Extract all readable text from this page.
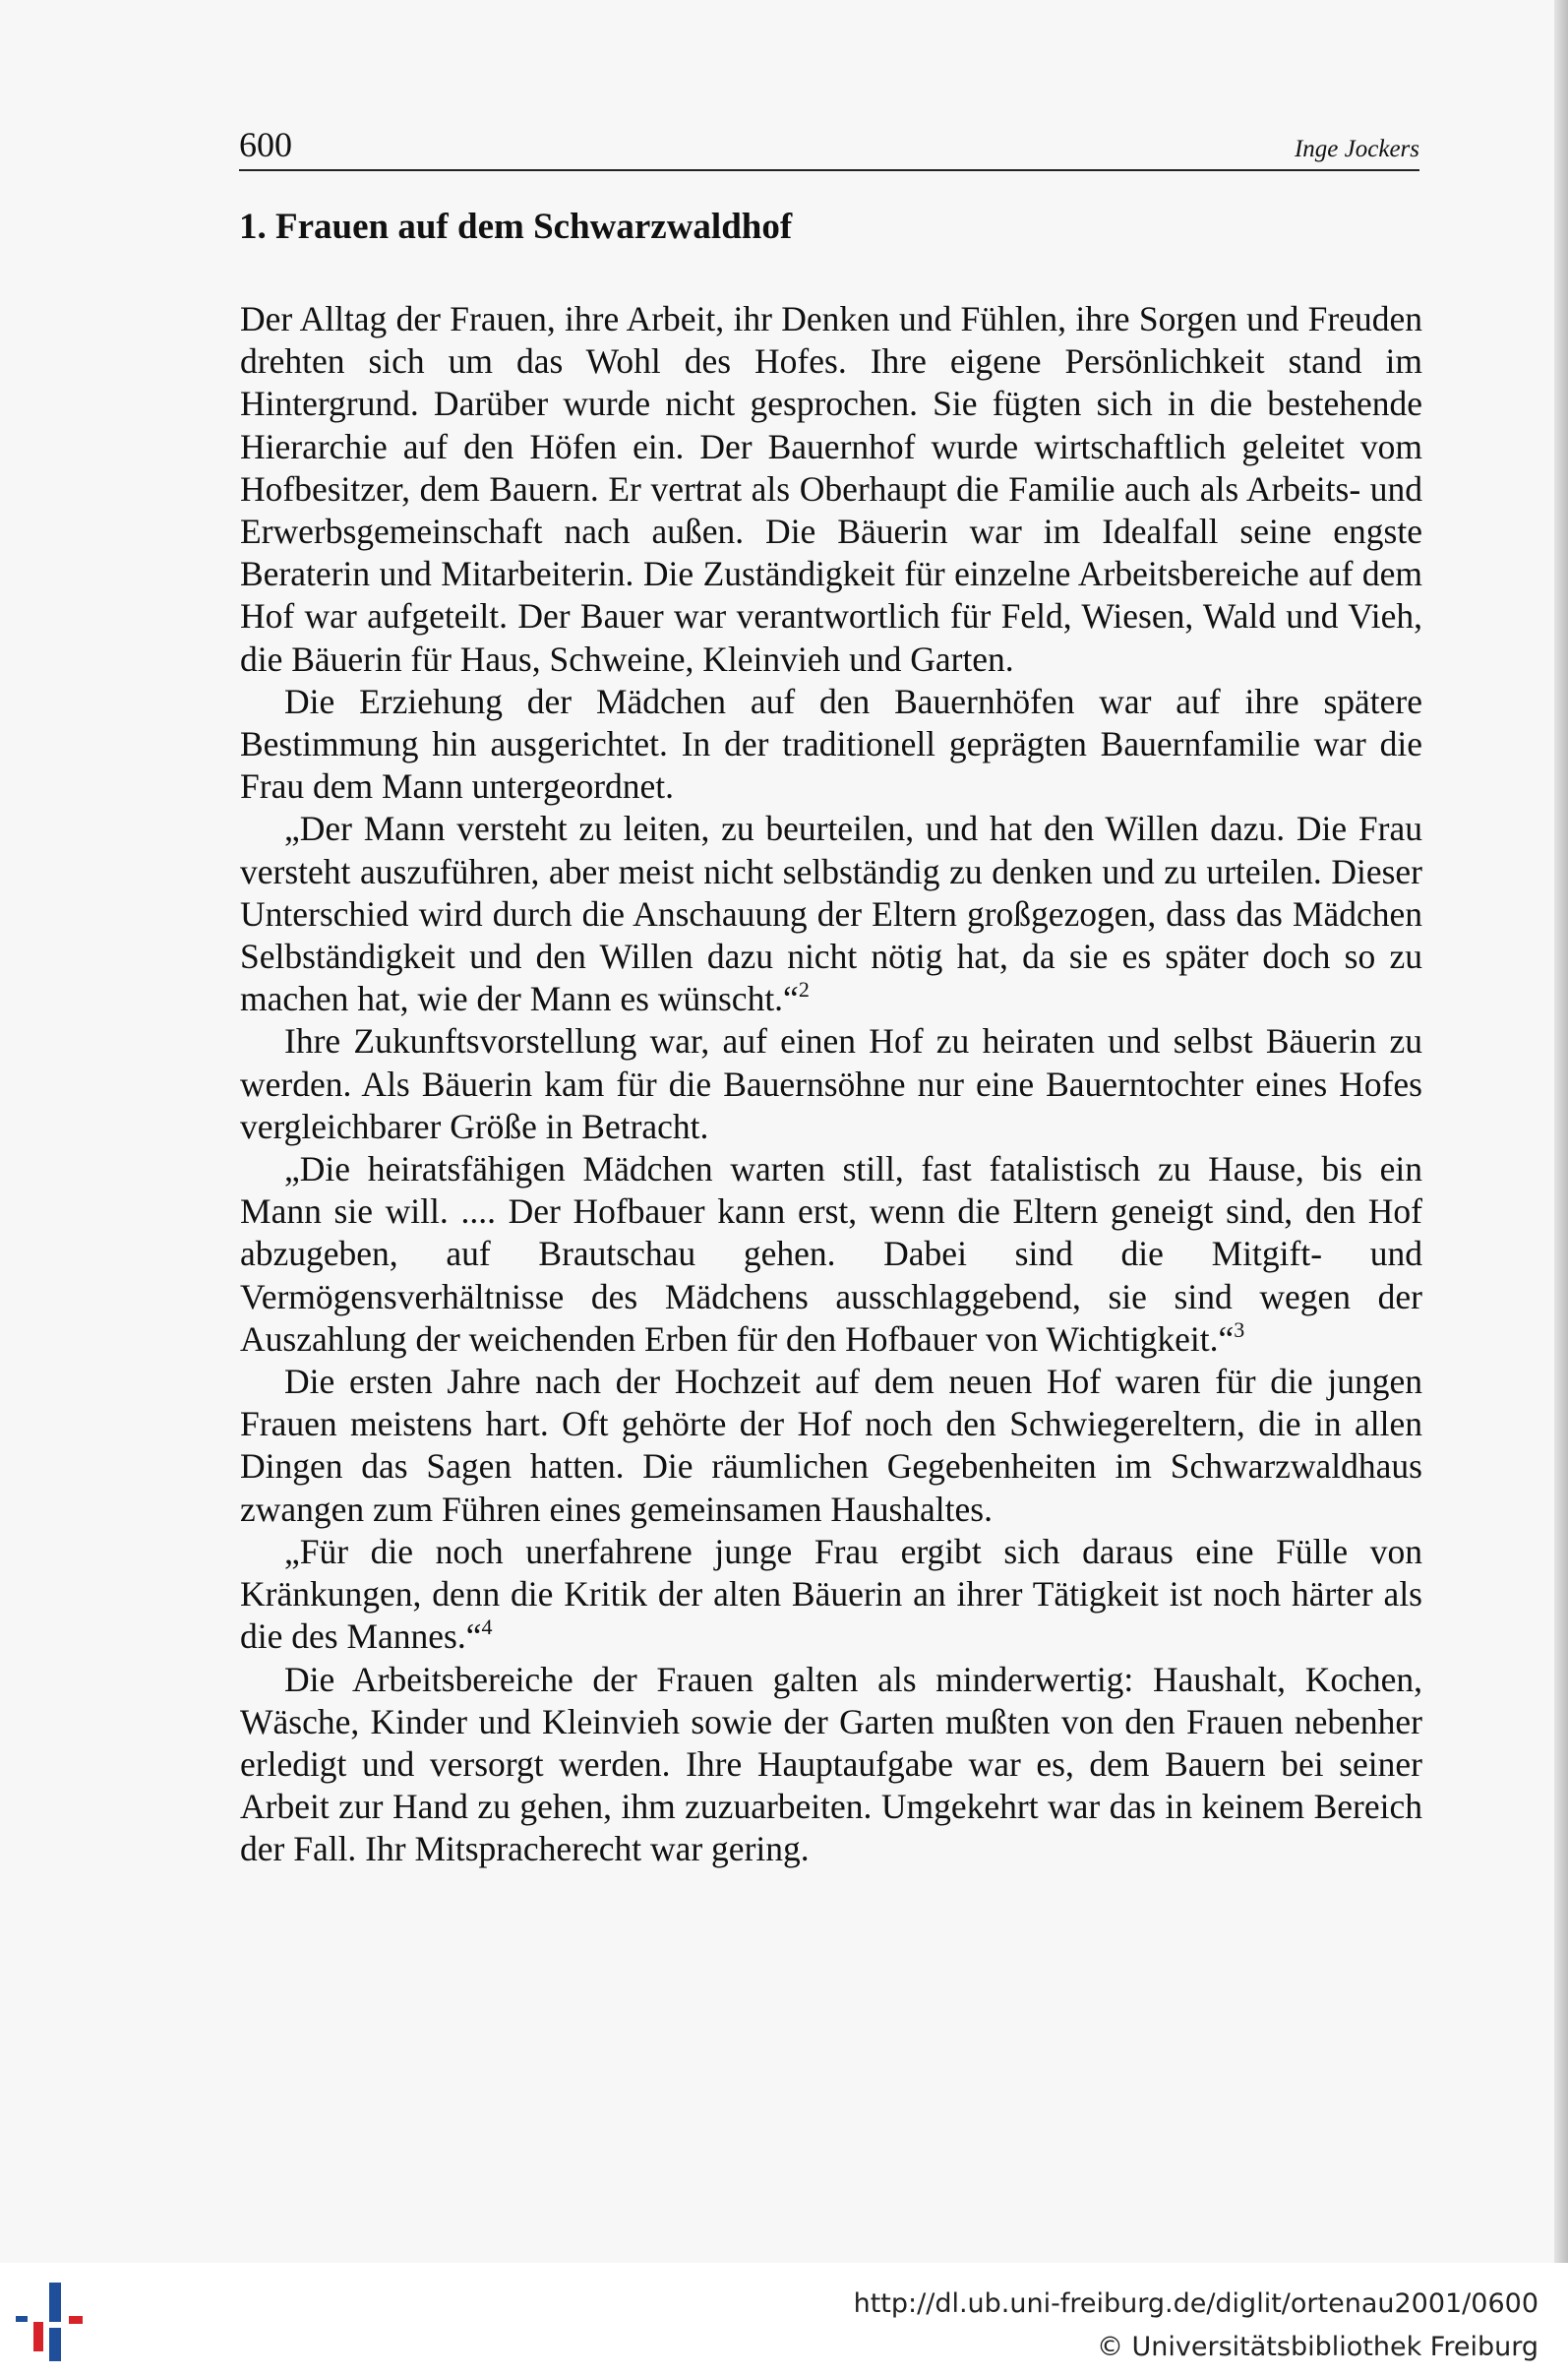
600	Inge Jockers
1. Frauen auf dem Schwarzwaldhof

Der Alltag der Frauen, ihre Arbeit, ihr Denken und Fühlen, ihre Sorgen und Freuden drehten sich um das Wohl des Hofes. Ihre eigene Persönlichkeit stand im Hintergrund. Darüber wurde nicht gesprochen. Sie fügten sich in die bestehende Hierarchie auf den Höfen ein. Der Bauernhof wurde wirtschaftlich geleitet vom Hofbesitzer, dem Bauern. Er vertrat als Oberhaupt die Familie auch als Arbeits- und Erwerbsgemeinschaft nach außen. Die Bäuerin war im Idealfall seine engste Beraterin und Mitarbeiterin. Die Zuständigkeit für einzelne Arbeitsbereiche auf dem Hof war aufgeteilt. Der Bauer war verantwortlich für Feld, Wiesen, Wald und Vieh, die Bäuerin für Haus, Schweine, Kleinvieh und Garten.

Die Erziehung der Mädchen auf den Bauernhöfen war auf ihre spätere Bestimmung hin ausgerichtet. In der traditionell geprägten Bauernfamilie war die Frau dem Mann untergeordnet.

„Der Mann versteht zu leiten, zu beurteilen, und hat den Willen dazu. Die Frau versteht auszuführen, aber meist nicht selbständig zu denken und zu urteilen. Dieser Unterschied wird durch die Anschauung der Eltern großgezogen, dass das Mädchen Selbständigkeit und den Willen dazu nicht nötig hat, da sie es später doch so zu machen hat, wie der Mann es wünscht.“$^2$

Ihre Zukunftsvorstellung war, auf einen Hof zu heiraten und selbst Bäuerin zu werden. Als Bäuerin kam für die Bauernsöhne nur eine Bauerntochter eines Hofes vergleichbarer Größe in Betracht.

„Die heiratsfähigen Mädchen warten still, fast fatalistisch zu Hause, bis ein Mann sie will. .... Der Hofbauer kann erst, wenn die Eltern geneigt sind, den Hof abzugeben, auf Brautschau gehen. Dabei sind die Mitgift- und Vermögensverhältnisse des Mädchens ausschlaggebend, sie sind wegen der Auszahlung der weichenden Erben für den Hofbauer von Wichtigkeit.“$^3$

Die ersten Jahre nach der Hochzeit auf dem neuen Hof waren für die jungen Frauen meistens hart. Oft gehörte der Hof noch den Schwiegereltern, die in allen Dingen das Sagen hatten. Die räumlichen Gegebenheiten im Schwarzwaldhaus zwangen zum Führen eines gemeinsamen Haushaltes.

„Für die noch unerfahrene junge Frau ergibt sich daraus eine Fülle von Kränkungen, denn die Kritik der alten Bäuerin an ihrer Tätigkeit ist noch härter als die des Mannes.“$^4$

Die Arbeitsbereiche der Frauen galten als minderwertig: Haushalt, Kochen, Wäsche, Kinder und Kleinvieh sowie der Garten mußten von den Frauen nebenher erledigt und versorgt werden. Ihre Hauptaufgabe war es, dem Bauern bei seiner Arbeit zur Hand zu gehen, ihm zuzuarbeiten. Umgekehrt war das in keinem Bereich der Fall. Ihr Mitspracherecht war gering.

http://dl.ub.uni-freiburg.de/diglit/ortenau2001/0600
© Universitätsbibliothek Freiburg
